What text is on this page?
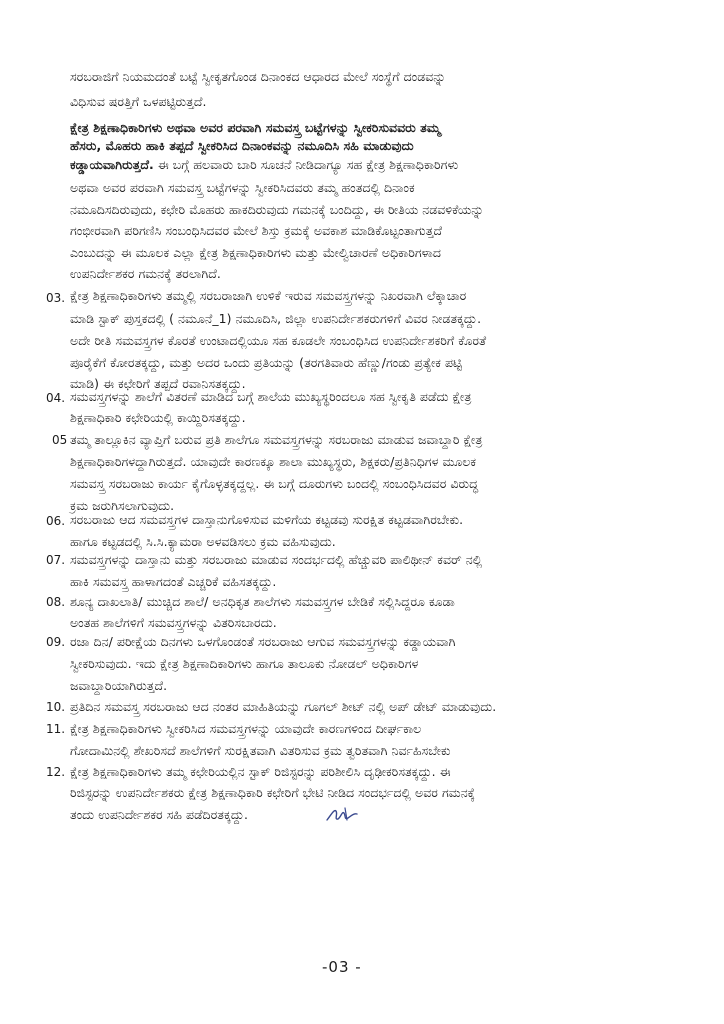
ಸರಬರಾಜಿಗೆ ನಿಯಮದಂತೆ ಬಟ್ಟೆ ಸ್ವೀಕೃತಗೊಂಡ ದಿನಾಂಕದ ಆಧಾರದ ಮೇಲೆ ಸಂಸ್ಥೆಗೆ ದಂಡವನ್ನು
ವಿಧಿಸುವ ಷರತ್ತಿಗೆ ಒಳಪಟ್ಟಿರುತ್ತದೆ.
ಕ್ಷೇತ್ರ ಶಿಕ್ಷಣಾಧಿಕಾರಿಗಳು ಅಥವಾ ಅವರ ಪರವಾಗಿ ಸಮವಸ್ತ್ರ ಬಟ್ಟೆಗಳನ್ನು ಸ್ವೀಕರಿಸುವವರು ತಮ್ಮ
ಹೆಸರು, ಮೊಹರು ಹಾಕಿ ತಪ್ಪದೆ ಸ್ವೀಕರಿಸಿದ ದಿನಾಂಕವನ್ನು ನಮೂದಿಸಿ ಸಹಿ ಮಾಡುವುದು
ಕಡ್ಡಾಯವಾಗಿರುತ್ತದೆ. ಈ ಬಗ್ಗೆ ಹಲವಾರು ಬಾರಿ ಸೂಚನೆ ನೀಡಿದಾಗ್ಯೂ ಸಹ ಕ್ಷೇತ್ರ ಶಿಕ್ಷಣಾಧಿಕಾರಿಗಳು
ಅಥವಾ ಅವರ ಪರವಾಗಿ ಸಮವಸ್ತ್ರ ಬಟ್ಟೆಗಳನ್ನು ಸ್ವೀಕರಿಸಿದವರು ತಮ್ಮ ಹಂತದಲ್ಲಿ ದಿನಾಂಕ
ನಮೂದಿಸದಿರುವುದು, ಕಛೇರಿ ಮೊಹರು ಹಾಕದಿರುವುದು ಗಮನಕ್ಕೆ ಬಂದಿದ್ದು, ಈ ರೀತಿಯ ನಡವಳಿಕೆಯನ್ನು
ಗಂಭೀರವಾಗಿ ಪರಿಗಣಿಸಿ ಸಂಬಂಧಿಸಿದವರ ಮೇಲೆ ಶಿಸ್ತು ಕ್ರಮಕ್ಕೆ ಅವಕಾಶ ಮಾಡಿಕೊಟ್ಟಂತಾಗುತ್ತದೆ
ಎಂಬುದನ್ನು ಈ ಮೂಲಕ ಎಲ್ಲಾ ಕ್ಷೇತ್ರ ಶಿಕ್ಷಣಾಧಿಕಾರಿಗಳು ಮತ್ತು ಮೇಲ್ವಿಚಾರಣೆ ಅಧಿಕಾರಿಗಳಾದ
ಉಪನಿರ್ದೇಶಕರ ಗಮನಕ್ಕೆ ತರಲಾಗಿದೆ.
03. ಕ್ಷೇತ್ರ ಶಿಕ್ಷಣಾಧಿಕಾರಿಗಳು ತಮ್ಮಲ್ಲಿ ಸರಬರಾಜಾಗಿ ಉಳಿಕೆ ಇರುವ ಸಮವಸ್ತ್ರಗಳನ್ನು ನಿಖರವಾಗಿ ಲೆಕ್ಕಾಚಾರ
ಮಾಡಿ ಸ್ಟಾಕ್ ಪುಸ್ತಕದಲ್ಲಿ ( ನಮೂನೆ_1) ನಮೂದಿಸಿ, ಜಿಲ್ಲಾ ಉಪನಿರ್ದೇಶಕರುಗಳಿಗೆ ವಿವರ ನೀಡತಕ್ಕದ್ದು.
ಅದೇ ರೀತಿ ಸಮವಸ್ತ್ರಗಳ ಕೊರತೆ ಉಂಟಾದಲ್ಲಿಯೂ ಸಹ ಕೂಡಲೇ ಸಂಬಂಧಿಸಿದ ಉಪನಿರ್ದೇಶಕರಿಗೆ ಕೊರತೆ
ಪೂರೈಕೆಗೆ ಕೋರತಕ್ಕದ್ದು, ಮತ್ತು ಅದರ ಒಂದು ಪ್ರತಿಯನ್ನು (ತರಗತಿವಾರು ಹೆಣ್ಣು/ಗಂಡು ಪ್ರತ್ಯೇಕ ಪಟ್ಟಿ
ಮಾಡಿ) ಈ ಕಛೇರಿಗೆ ತಪ್ಪದೆ ರವಾನಿಸತಕ್ಕದ್ದು.
04. ಸಮವಸ್ತ್ರಗಳನ್ನು ಶಾಲೆಗೆ ವಿತರಣೆ ಮಾಡಿದ ಬಗ್ಗೆ ಶಾಲೆಯ ಮುಖ್ಯಸ್ಥರಿಂದಲೂ ಸಹ ಸ್ವೀಕೃತಿ ಪಡೆದು ಕ್ಷೇತ್ರ
ಶಿಕ್ಷಣಾಧಿಕಾರಿ ಕಛೇರಿಯಲ್ಲಿ ಕಾಯ್ದಿರಿಸತಕ್ಕದ್ದು.
05 ತಮ್ಮ ತಾಲ್ಲೂಕಿನ ವ್ಯಾಪ್ತಿಗೆ ಬರುವ ಪ್ರತಿ ಶಾಲೆಗೂ ಸಮವಸ್ತ್ರಗಳನ್ನು ಸರಬರಾಜು ಮಾಡುವ ಜವಾಬ್ದಾರಿ ಕ್ಷೇತ್ರ
ಶಿಕ್ಷಣಾಧಿಕಾರಿಗಳದ್ದಾಗಿರುತ್ತದೆ. ಯಾವುದೇ ಕಾರಣಕ್ಕೂ ಶಾಲಾ ಮುಖ್ಯಸ್ಥರು, ಶಿಕ್ಷಕರು/ಪ್ರತಿನಿಧಿಗಳ ಮೂಲಕ
ಸಮವಸ್ತ್ರ ಸರಬರಾಜು ಕಾರ್ಯ ಕೈಗೊಳ್ಳತಕ್ಕದ್ದಲ್ಲ. ಈ ಬಗ್ಗೆ ದೂರುಗಳು ಬಂದಲ್ಲಿ ಸಂಬಂಧಿಸಿದವರ ವಿರುದ್ಧ
ಕ್ರಮ ಜರುಗಿಸಲಾಗುವುದು.
06. ಸರಬರಾಜು ಆದ ಸಮವಸ್ತ್ರಗಳ ದಾಸ್ತಾನುಗೊಳಿಸುವ ಮಳಿಗೆಯ ಕಟ್ಟಡವು ಸುರಕ್ಷಿತ ಕಟ್ಟಡವಾಗಿರಬೇಕು.
ಹಾಗೂ ಕಟ್ಟಡದಲ್ಲಿ ಸಿ.ಸಿ.ಕ್ಯಾಮರಾ ಅಳವಡಿಸಲು ಕ್ರಮ ವಹಿಸುವುದು.
07. ಸಮವಸ್ತ್ರಗಳನ್ನು ದಾಸ್ತಾನು ಮತ್ತು ಸರಬರಾಜು ಮಾಡುವ ಸಂದರ್ಭದಲ್ಲಿ ಹೆಚ್ಚುವರಿ ಪಾಲಿಥೀನ್ ಕವರ್ ನಲ್ಲಿ
ಹಾಕಿ ಸಮವಸ್ತ್ರ ಹಾಳಾಗದಂತೆ ಎಚ್ಚರಿಕೆ ವಹಿಸತಕ್ಕದ್ದು.
08. ಶೂನ್ಯ ದಾಖಲಾತಿ/ ಮುಚ್ಚಿದ ಶಾಲೆ/ ಅನಧಿಕೃತ ಶಾಲೆಗಳು ಸಮವಸ್ತ್ರಗಳ ಬೇಡಿಕೆ ಸಲ್ಲಿಸಿದ್ದರೂ ಕೂಡಾ
ಅಂತಹ ಶಾಲೆಗಳಿಗೆ ಸಮವಸ್ತ್ರಗಳನ್ನು ವಿತರಿಸಬಾರದು.
09. ರಜಾ ದಿನ/ ಪರೀಕ್ಷೆಯ ದಿನಗಳು ಒಳಗೊಂಡಂತೆ ಸರಬರಾಜು ಆಗುವ ಸಮವಸ್ತ್ರಗಳನ್ನು ಕಡ್ಡಾಯವಾಗಿ
ಸ್ವೀಕರಿಸುವುದು. ಇದು ಕ್ಷೇತ್ರ ಶಿಕ್ಷಣಾದಿಕಾರಿಗಳು ಹಾಗೂ ತಾಲೂಕು ನೋಡಲ್ ಅಧಿಕಾರಿಗಳ
ಜವಾಬ್ದಾರಿಯಾಗಿರುತ್ತದೆ.
10. ಪ್ರತಿದಿನ ಸಮವಸ್ತ್ರ ಸರಬರಾಜು ಆದ ನಂತರ ಮಾಹಿತಿಯನ್ನು ಗೂಗಲ್ ಶೀಟ್ ನಲ್ಲಿ ಅಪ್ ಡೇಟ್ ಮಾಡುವುದು.
11. ಕ್ಷೇತ್ರ ಶಿಕ್ಷಣಾಧಿಕಾರಿಗಳು ಸ್ವೀಕರಿಸಿದ ಸಮವಸ್ತ್ರಗಳನ್ನು ಯಾವುದೇ ಕಾರಣಗಳಿಂದ ದೀರ್ಘಕಾಲ
ಗೋದಾಮಿನಲ್ಲಿ ಶೇಖರಿಸದೆ ಶಾಲೆಗಳಿಗೆ ಸುರಕ್ಷಿತವಾಗಿ ವಿತರಿಸುವ ಕ್ರಮ ತ್ವರಿತವಾಗಿ ನಿರ್ವಹಿಸಬೇಕು
12. ಕ್ಷೇತ್ರ ಶಿಕ್ಷಣಾಧಿಕಾರಿಗಳು ತಮ್ಮ ಕಛೇರಿಯಲ್ಲಿನ ಸ್ಟಾಕ್ ರಿಜಿಸ್ಟರನ್ನು ಪರಿಶೀಲಿಸಿ ದೃಢೀಕರಿಸತಕ್ಕದ್ದು. ಈ
ರಿಜಿಸ್ಟರನ್ನು ಉಪನಿರ್ದೇಶಕರು ಕ್ಷೇತ್ರ ಶಿಕ್ಷಣಾಧಿಕಾರಿ ಕಛೇರಿಗೆ ಭೇಟಿ ನೀಡಿದ ಸಂದರ್ಭದಲ್ಲಿ ಅವರ ಗಮನಕ್ಕೆ
ತಂದು ಉಪನಿರ್ದೇಶಕರ ಸಹಿ ಪಡೆದಿರತಕ್ಕದ್ದು.
-03 -
